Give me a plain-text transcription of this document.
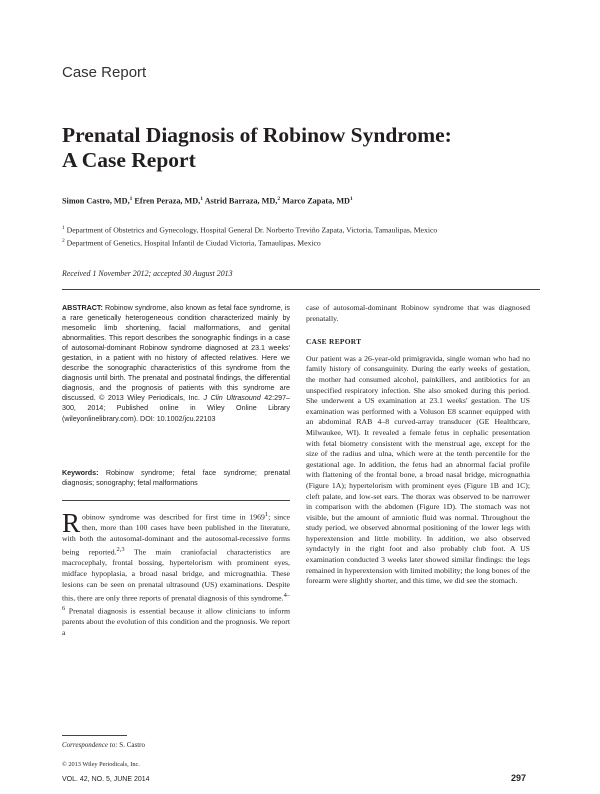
Case Report
Prenatal Diagnosis of Robinow Syndrome:
A Case Report
Simon Castro, MD,$^1$ Efren Peraza, MD,$^1$ Astrid Barraza, MD,$^2$ Marco Zapata, $MD^1$

$^1$ Department of Obstetrics and Gynecology, Hospital General Dr. Norberto Treviño Zapata, Victoria, Tamaulipas, Mexico

$^2$ Department of Genetics, Hospital Infantil de Ciudad Victoria, Tamaulipas, Mexico

Received 1 November 2012; accepted 30 August 2013

ABSTRACT: Robinow syndrome, also known as fetal face syndrome, is a rare genetically heterogeneous condition characterized mainly by mesomelic limb shortening, facial malformations, and genital abnormalities. This report describes the sonographic findings in a case of autosomal-dominant Robinow syndrome diagnosed at 23.1 weeks' gestation, in a patient with no history of affected relatives. Here we describe the sonographic characteristics of this syndrome from the diagnosis until birth. The prenatal and postnatal findings, the differential diagnosis, and the prognosis of patients with this syndrome are discussed. © 2013 Wiley Periodicals, Inc. J Clin Ultrasound 42:297–300, 2014; Published online in Wiley Online Library (wileyonlinelibrary.com). DOI: 10.1002/jcu.22103

Keywords: Robinow syndrome; fetal face syndrome; prenatal diagnosis; sonography; fetal malformations

Robinow syndrome was described for first time in 1969$^1$; since then, more than 100 cases have been published in the literature, with both the autosomal-dominant and the autosomal-recessive forms being reported.$^{2,3}$ The main craniofacial characteristics are macrocephaly, frontal bossing, hypertelorism with prominent eyes, midface hypoplasia, a broad nasal bridge, and micrognathia. These lesions can be seen on prenatal ultrasound (US) examinations. Despite this, there are only three reports of prenatal diagnosis of this syndrome.$^{4-6}$ Prenatal diagnosis is essential because it allow clinicians to inform parents about the evolution of this condition and the prognosis. We report a

case of autosomal-dominant Robinow syndrome that was diagnosed prenatally.

CASE REPORT

Our patient was a 26-year-old primigravida, single woman who had no family history of consanguinity. During the early weeks of gestation, the mother had consumed alcohol, painkillers, and antibiotics for an unspecified respiratory infection. She also smoked during this period. She underwent a US examination at 23.1 weeks' gestation. The US examination was performed with a Voluson E8 scanner equipped with an abdominal RAB 4–8 curved-array transducer (GE Healthcare, Milwaukee, WI). It revealed a female fetus in cephalic presentation with fetal biometry consistent with the menstrual age, except for the size of the radius and ulna, which were at the tenth percentile for the gestational age. In addition, the fetus had an abnormal facial profile with flattening of the frontal bone, a broad nasal bridge, micrognathia (Figure 1A); hypertelorism with prominent eyes (Figure 1B and 1C); cleft palate, and low-set ears. The thorax was observed to be narrower in comparison with the abdomen (Figure 1D). The stomach was not visible, but the amount of amniotic fluid was normal. Throughout the study period, we observed abnormal positioning of the lower legs with hyperextension and little mobility. In addition, we also observed syndactyly in the right foot and also probably club foot. A US examination conducted 3 weeks later showed similar findings: the legs remained in hyperextension with limited mobility; the long bones of the forearm were slightly shorter, and this time, we did see the stomach.

Correspondence to: S. Castro
© 2013 Wiley Periodicals, Inc.
VOL. 42, NO. 5, JUNE 2014	297
